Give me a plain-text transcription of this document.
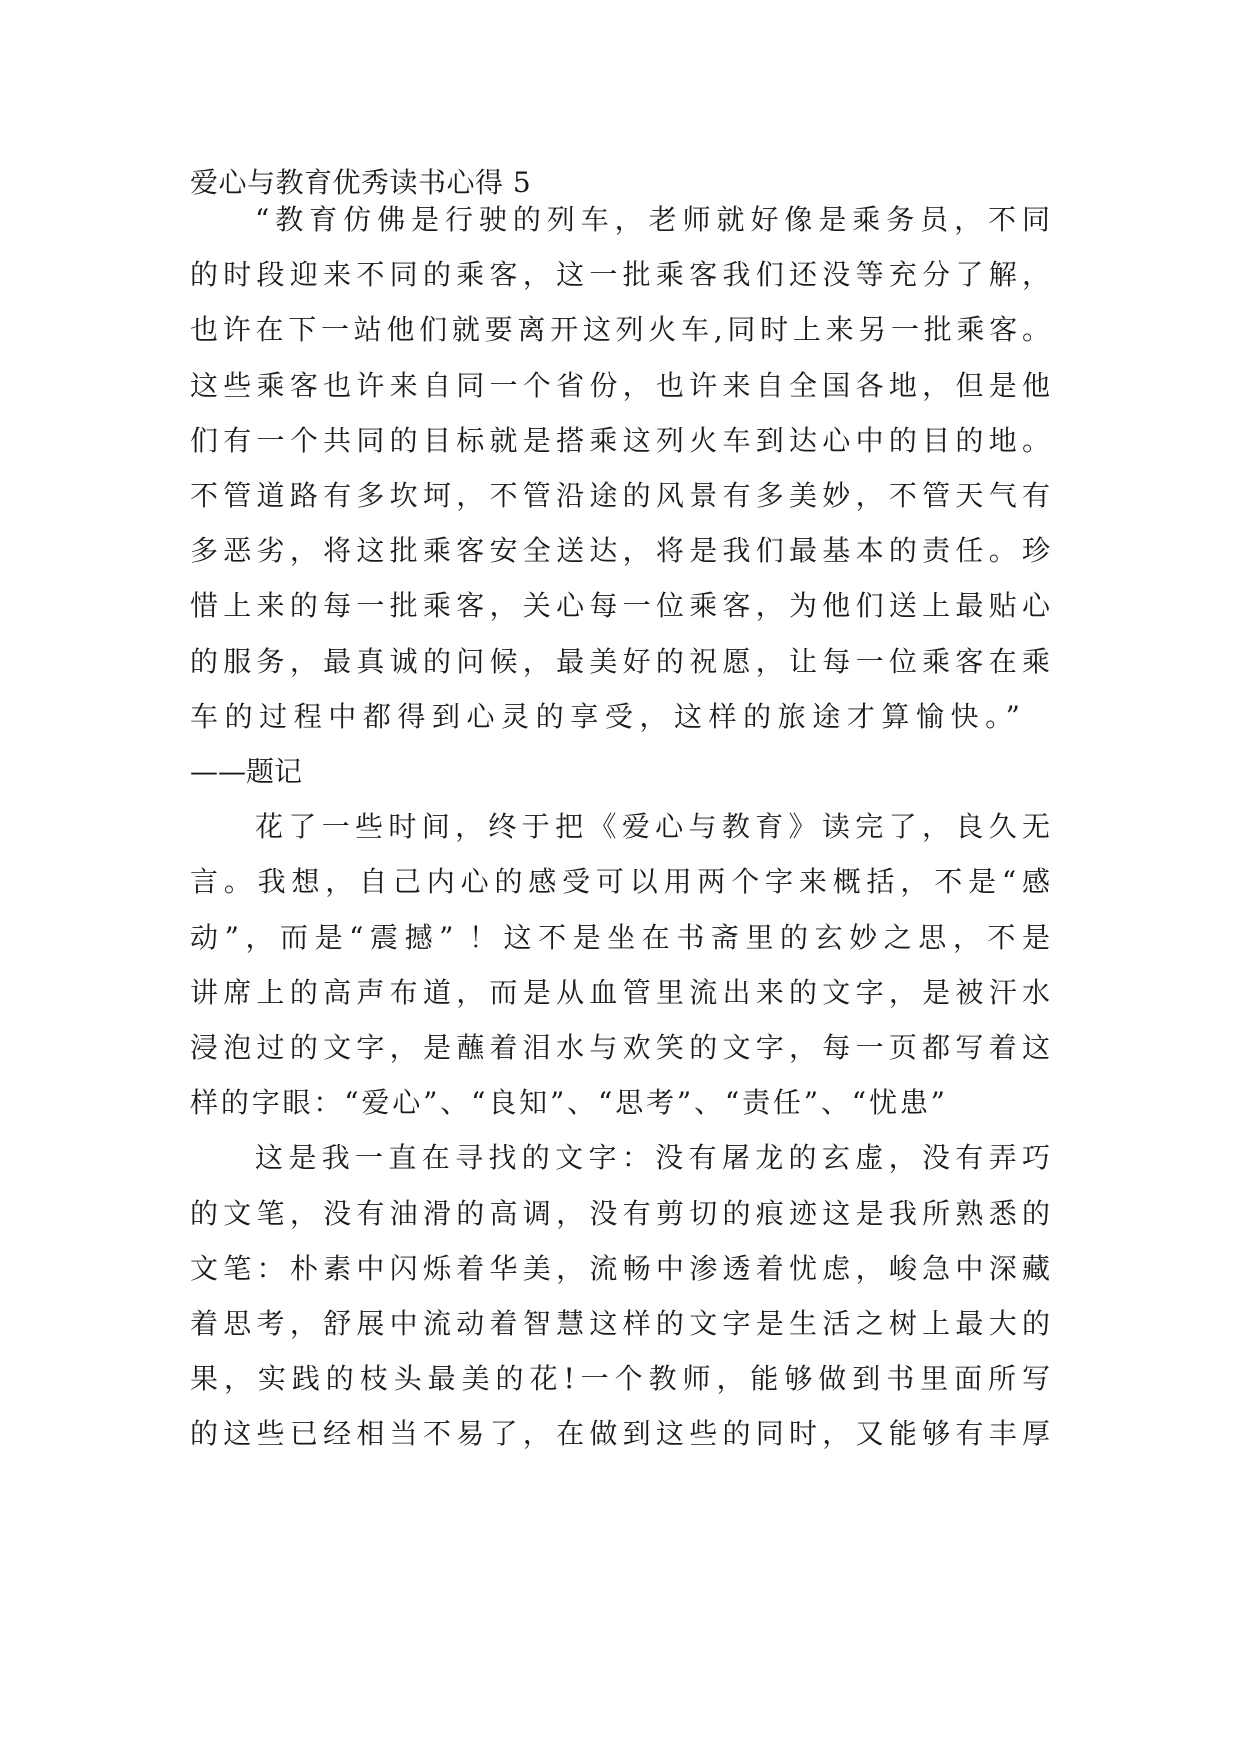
爱心与教育优秀读书心得 5
“教育仿佛是行驶的列车，老师就好像是乘务员，不同
的时段迎来不同的乘客，这一批乘客我们还没等充分了解，
也许在下一站他们就要离开这列火车,同时上来另一批乘客。
这些乘客也许来自同一个省份，也许来自全国各地，但是他
们有一个共同的目标就是搭乘这列火车到达心中的目的地。
不管道路有多坎坷，不管沿途的风景有多美妙，不管天气有
多恶劣，将这批乘客安全送达，将是我们最基本的责任。珍
惜上来的每一批乘客，关心每一位乘客，为他们送上最贴心
的服务，最真诚的问候，最美好的祝愿，让每一位乘客在乘
车的过程中都得到心灵的享受，这样的旅途才算愉快。”
——题记
花了一些时间，终于把《爱心与教育》读完了，良久无
言。我想，自己内心的感受可以用两个字来概括，不是“感
动”，而是“震撼” ！这不是坐在书斋里的玄妙之思，不是
讲席上的高声布道，而是从血管里流出来的文字，是被汗水
浸泡过的文字，是蘸着泪水与欢笑的文字，每一页都写着这
样的字眼：“爱心”、“良知”、“思考”、“责任”、“忧患”
这是我一直在寻找的文字：没有屠龙的玄虚，没有弄巧
的文笔，没有油滑的高调，没有剪切的痕迹这是我所熟悉的
文笔：朴素中闪烁着华美，流畅中渗透着忧虑，峻急中深藏
着思考，舒展中流动着智慧这样的文字是生活之树上最大的
果，实践的枝头最美的花!一个教师，能够做到书里面所写
的这些已经相当不易了，在做到这些的同时，又能够有丰厚
